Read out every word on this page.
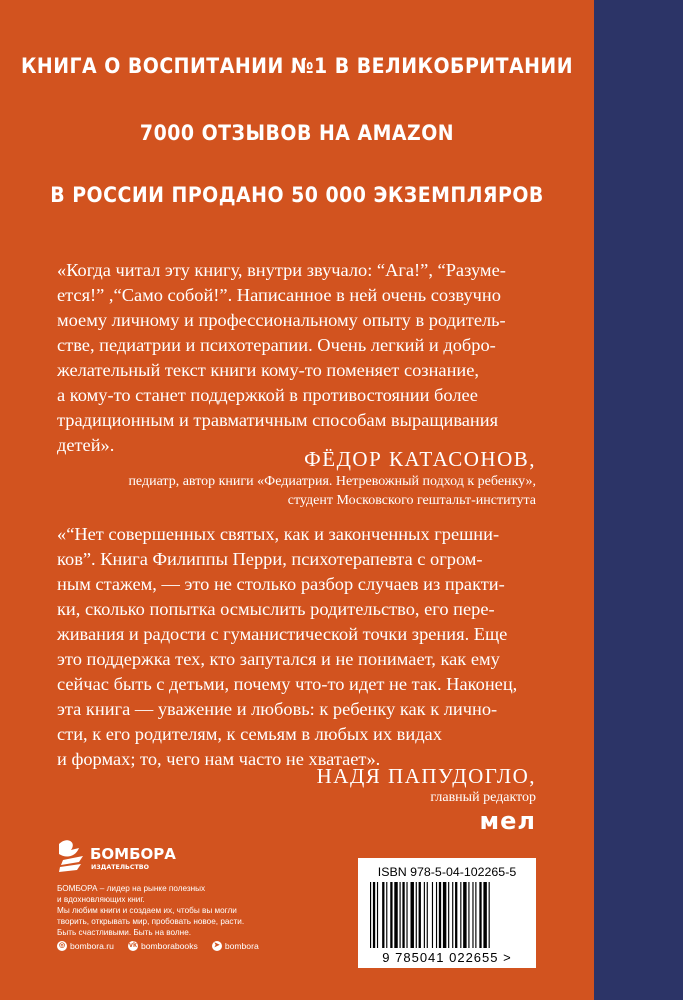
КНИГА О ВОСПИТАНИИ №1 В ВЕЛИКОБРИТАНИИ
7000 ОТЗЫВОВ НА AMAZON
В РОССИИ ПРОДАНО 50 000 ЭКЗЕМПЛЯРОВ
«Когда читал эту книгу, внутри звучало: “Ага!”, “Разуме-
ется!” ,“Само собой!”. Написанное в ней очень созвучно
моему личному и профессиональному опыту в родитель-
стве, педиатрии и психотерапии. Очень легкий и добро-
желательный текст книги кому-то поменяет сознание,
а кому-то станет поддержкой в противостоянии более
традиционным и травматичным способам выращивания
детей».
ФЁДОР КАТАСОНОВ,
педиатр, автор книги «Федиатрия. Нетревожный подход к ребенку»,
студент Московского гештальт-института
«“Нет совершенных святых, как и законченных грешни-
ков”. Книга Филиппы Перри, психотерапевта с огром-
ным стажем, — это не столько разбор случаев из практи-
ки, сколько попытка осмыслить родительство, его пере-
живания и радости с гуманистической точки зрения. Еще
это поддержка тех, кто запутался и не понимает, как ему
сейчас быть с детьми, почему что-то идет не так. Наконец,
эта книга — уважение и любовь: к ребенку как к лично-
сти, к его родителям, к семьям в любых их видах
и формах; то, чего нам часто не хватает».
НАДЯ ПАПУДОГЛО,
главный редактор
мел
БОМБОРА
ИЗДАТЕЛЬСТВО

БОМБОРА – лидер на рынке полезных

и вдохновляющих книг.

Мы любим книги и создаем их, чтобы вы могли

творить, открывать мир, пробовать новое, расти.

Быть счастливыми. Быть на волне.

◎ bombora.ru vk bomborabooks ➤ bombora
ISBN 978-5-04-102265-5
9 785041 022655 >
